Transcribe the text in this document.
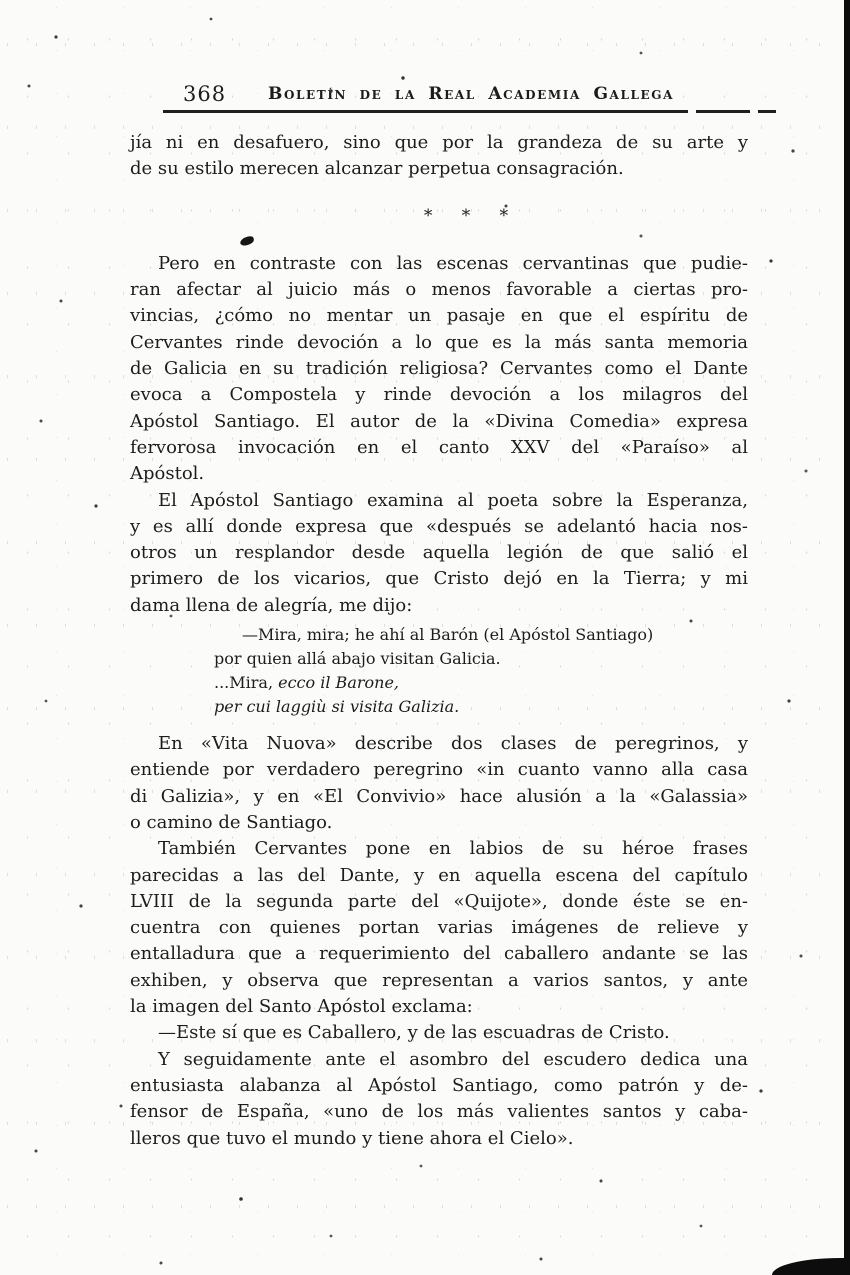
368 Boletín de la Real Academia Gallega
jía ni en desafuero, sino que por la grandeza de su arte y
de su estilo merecen alcanzar perpetua consagración.
* * *
Pero en contraste con las escenas cervantinas que pudie-
ran afectar al juicio más o menos favorable a ciertas pro-
vincias, ¿cómo no mentar un pasaje en que el espíritu de
Cervantes rinde devoción a lo que es la más santa memoria
de Galicia en su tradición religiosa? Cervantes como el Dante
evoca a Compostela y rinde devoción a los milagros del
Apóstol Santiago. El autor de la «Divina Comedia» expresa
fervorosa invocación en el canto XXV del «Paraíso» al
Apóstol.
El Apóstol Santiago examina al poeta sobre la Esperanza,
y es allí donde expresa que «después se adelantó hacia nos-
otros un resplandor desde aquella legión de que salió el
primero de los vicarios, que Cristo dejó en la Tierra; y mi
dama llena de alegría, me dijo:
—Mira, mira; he ahí al Barón (el Apóstol Santiago)
por quien allá abajo visitan Galicia.
...Mira, ecco il Barone,
per cui laggiù si visita Galizia.
En «Vita Nuova» describe dos clases de peregrinos, y
entiende por verdadero peregrino «in cuanto vanno alla casa
di Galizia», y en «El Convivio» hace alusión a la «Galassia»
o camino de Santiago.
También Cervantes pone en labios de su héroe frases
parecidas a las del Dante, y en aquella escena del capítulo
LVIII de la segunda parte del «Quijote», donde éste se en-
cuentra con quienes portan varias imágenes de relieve y
entalladura que a requerimiento del caballero andante se las
exhiben, y observa que representan a varios santos, y ante
la imagen del Santo Apóstol exclama:
—Este sí que es Caballero, y de las escuadras de Cristo.
Y seguidamente ante el asombro del escudero dedica una
entusiasta alabanza al Apóstol Santiago, como patrón y de-
fensor de España, «uno de los más valientes santos y caba-
lleros que tuvo el mundo y tiene ahora el Cielo».
